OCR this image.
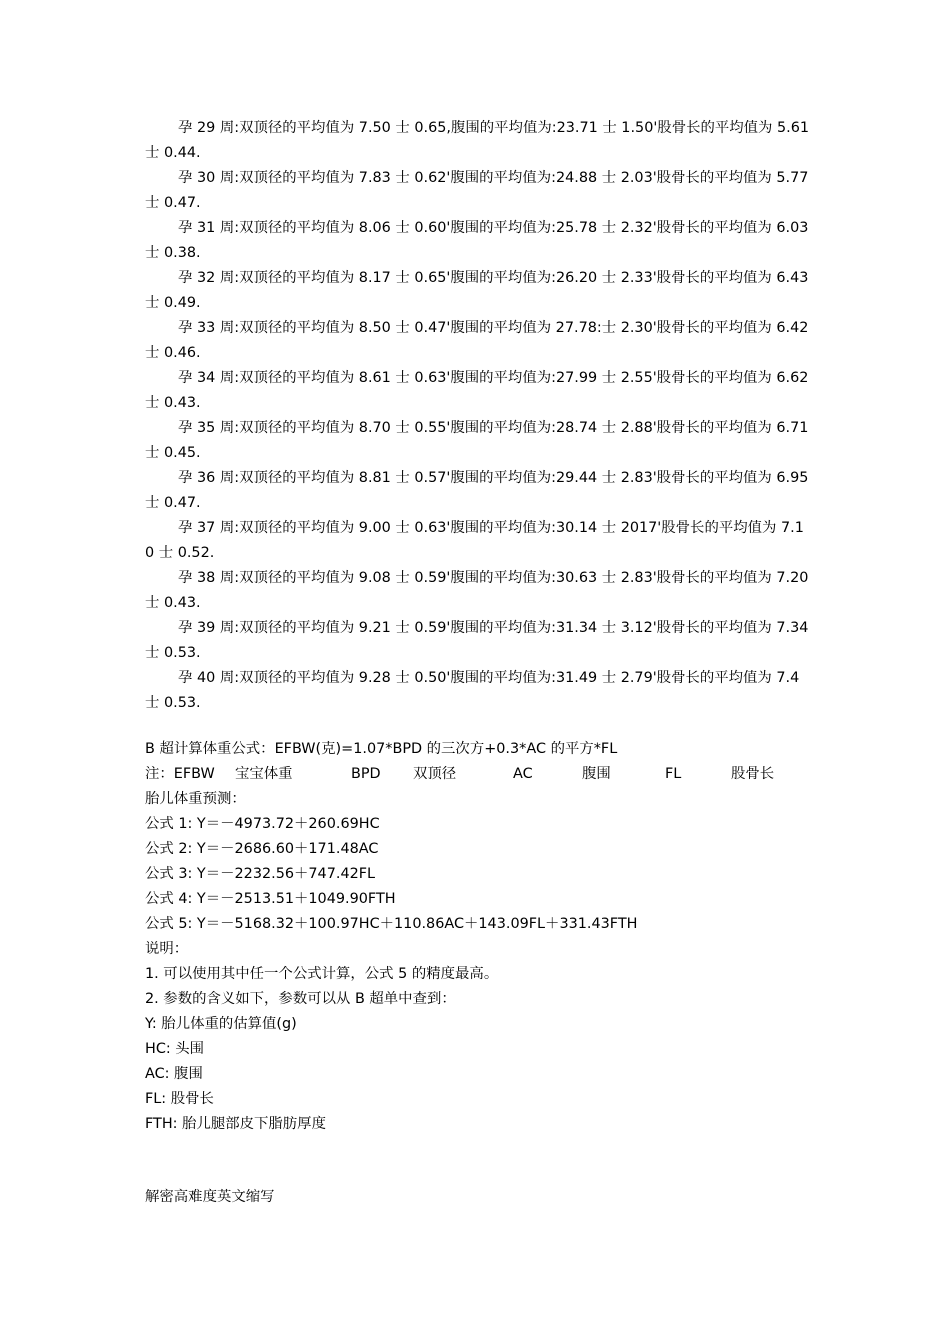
孕 29 周:双顶径的平均值为 7.50 士 0.65,腹围的平均值为:23.71 士 1.50'股骨长的平均值为 5.61 士 0.44.

孕 30 周:双顶径的平均值为 7.83 士 0.62'腹围的平均值为:24.88 士 2.03'股骨长的平均值为 5.77 士 0.47.

孕 31 周:双顶径的平均值为 8.06 士 0.60'腹围的平均值为:25.78 士 2.32'股骨长的平均值为 6.03 士 0.38.

孕 32 周:双顶径的平均值为 8.17 士 0.65'腹围的平均值为:26.20 士 2.33'股骨长的平均值为 6.43 士 0.49.

孕 33 周:双顶径的平均值为 8.50 士 0.47'腹围的平均值为 27.78:士 2.30'股骨长的平均值为 6.42 士 0.46.

孕 34 周:双顶径的平均值为 8.61 士 0.63'腹围的平均值为:27.99 士 2.55'股骨长的平均值为 6.62 士 0.43.

孕 35 周:双顶径的平均值为 8.70 士 0.55'腹围的平均值为:28.74 士 2.88'股骨长的平均值为 6.71 士 0.45.

孕 36 周:双顶径的平均值为 8.81 士 0.57'腹围的平均值为:29.44 士 2.83'股骨长的平均值为 6.95 士 0.47.

孕 37 周:双顶径的平均值为 9.00 士 0.63'腹围的平均值为:30.14 士 2017'股骨长的平均值为 7.10 士 0.52.

孕 38 周:双顶径的平均值为 9.08 士 0.59'腹围的平均值为:30.63 士 2.83'股骨长的平均值为 7.20 士 0.43.

孕 39 周:双顶径的平均值为 9.21 士 0.59'腹围的平均值为:31.34 士 3.12'股骨长的平均值为 7.34 士 0.53.

孕 40 周:双顶径的平均值为 9.28 士 0.50'腹围的平均值为:31.49 士 2.79'股骨长的平均值为 7.4 士 0.53.

B 超计算体重公式：EFBW(克)=1.07*BPD 的三次方+0.3*AC 的平方*FL
注：EFBW 宝宝体重	BPD 双顶径	AC	腹围	FL	股骨长
胎儿体重预测：
公式 1: Y＝－4973.72＋260.69HC
公式 2: Y＝－2686.60＋171.48AC
公式 3: Y＝－2232.56＋747.42FL
公式 4: Y＝－2513.51＋1049.90FTH
公式 5: Y＝－5168.32＋100.97HC＋110.86AC＋143.09FL＋331.43FTH
说明：
1. 可以使用其中任一个公式计算，公式 5 的精度最高。
2. 参数的含义如下，参数可以从 B 超单中查到：
Y: 胎儿体重的估算值(g)
HC: 头围
AC: 腹围
FL: 股骨长
FTH: 胎儿腿部皮下脂肪厚度
解密高难度英文缩写
